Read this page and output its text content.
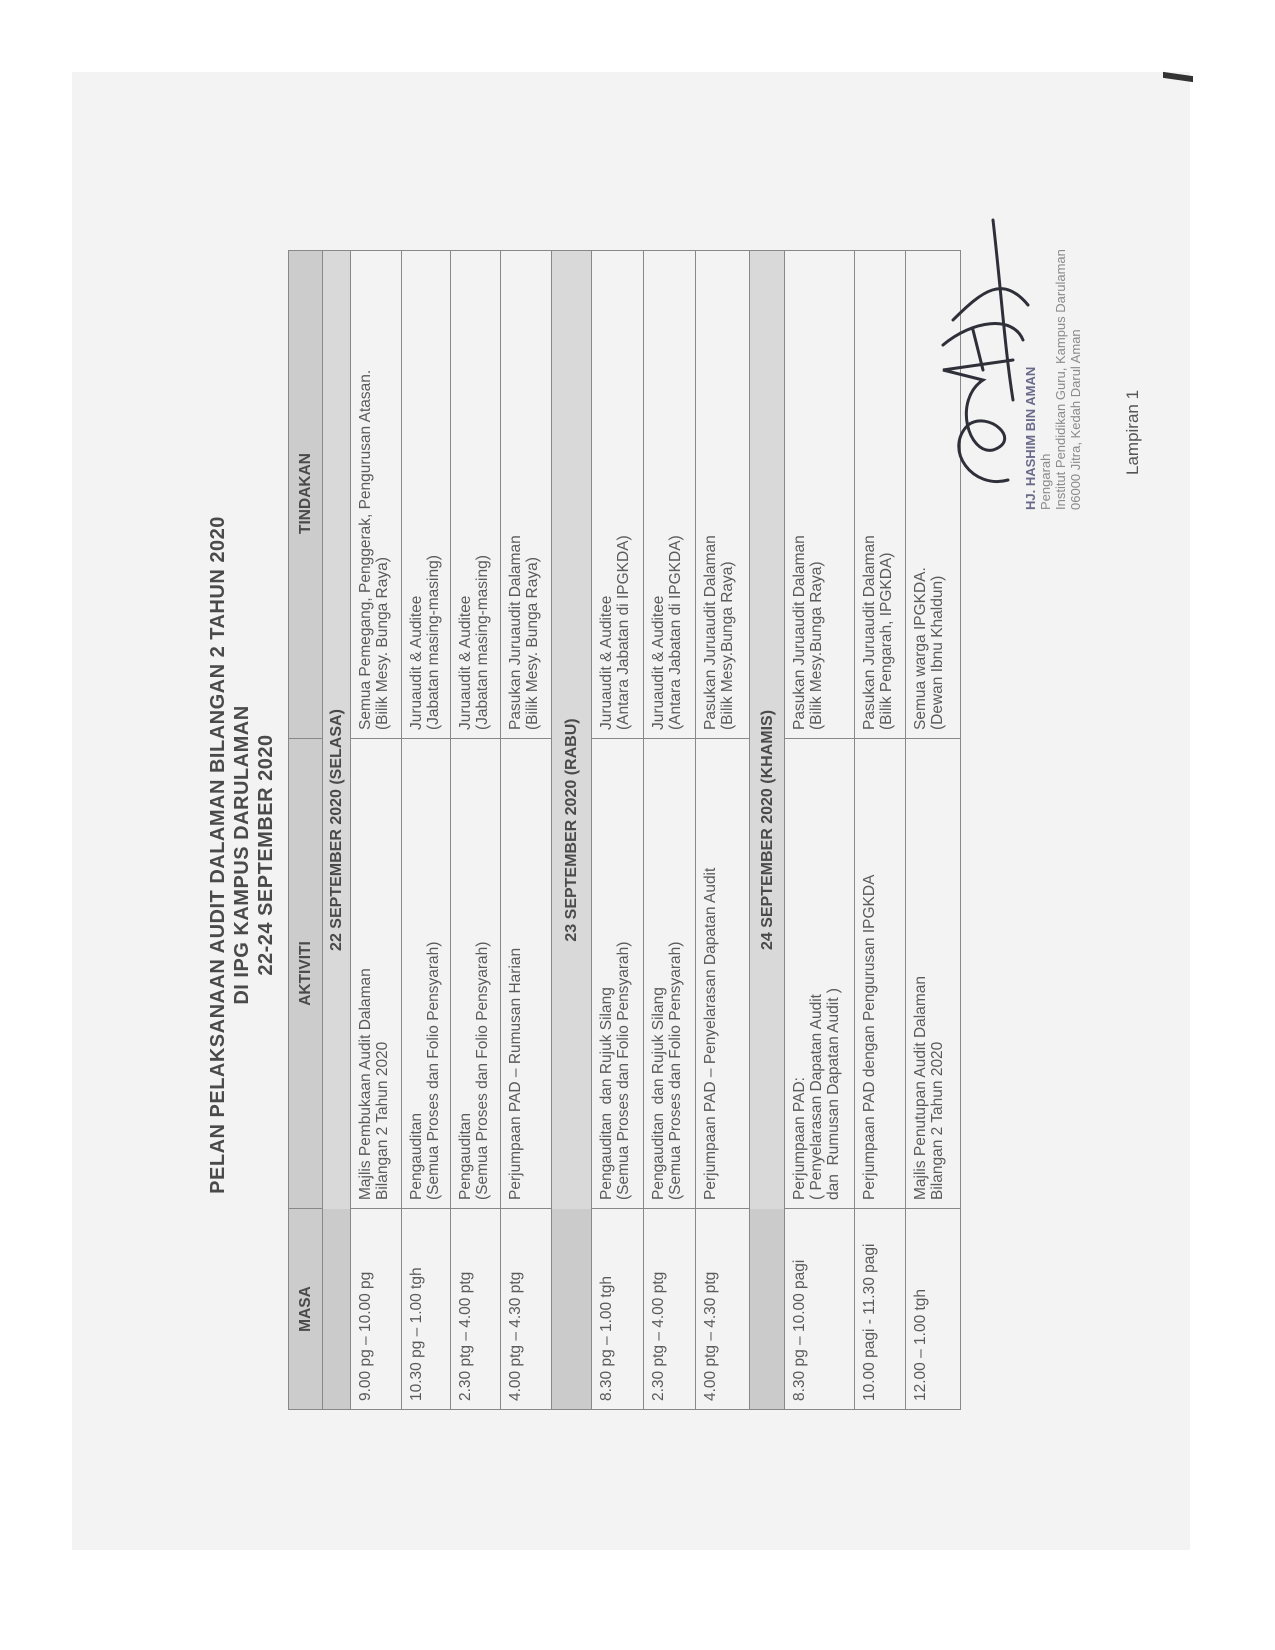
Lampiran 1
PELAN PELAKSANAAN AUDIT DALAMAN BILANGAN 2 TAHUN 2020 DI IPG KAMPUS DARULAMAN 22-24 SEPTEMBER 2020
MASA
AKTIVITI
TINDAKAN
22 SEPTEMBER 2020 (SELASA)
9.00 pg – 10.00 pg
Majlis Pembukaan Audit Dalaman Bilangan 2 Tahun 2020
Semua Pemegang, Penggerak, Pengurusan Atasan. (Bilik Mesy. Bunga Raya)
10.30 pg – 1.00 tgh
Pengauditan (Semua Proses dan Folio Pensyarah)
Juruaudit & Auditee (Jabatan masing-masing)
2.30 ptg – 4.00 ptg
Pengauditan (Semua Proses dan Folio Pensyarah)
Juruaudit & Auditee (Jabatan masing-masing)
4.00 ptg – 4.30 ptg
Perjumpaan PAD – Rumusan Harian
Pasukan Juruaudit Dalaman (Bilik Mesy. Bunga Raya)
23 SEPTEMBER 2020 (RABU)
8.30 pg – 1.00 tgh
Pengauditan  dan Rujuk Silang (Semua Proses dan Folio Pensyarah)
Juruaudit & Auditee (Antara Jabatan di IPGKDA)
2.30 ptg – 4.00 ptg
Pengauditan  dan Rujuk Silang (Semua Proses dan Folio Pensyarah)
Juruaudit & Auditee (Antara Jabatan di IPGKDA)
4.00 ptg – 4.30 ptg
Perjumpaan PAD – Penyelarasan Dapatan Audit
Pasukan Juruaudit Dalaman (Bilik Mesy.Bunga Raya)
24 SEPTEMBER 2020 (KHAMIS)
8.30 pg – 10.00 pagi
Perjumpaan PAD: ( Penyelarasan Dapatan Audit dan  Rumusan Dapatan Audit )
Pasukan Juruaudit Dalaman (Bilik Mesy.Bunga Raya)
10.00 pagi - 11.30 pagi
Perjumpaan PAD dengan Pengurusan IPGKDA
Pasukan Juruaudit Dalaman (Bilik Pengarah, IPGKDA)
12.00 – 1.00 tgh
Majlis Penutupan Audit Dalaman Bilangan 2 Tahun 2020
Semua warga IPGKDA. (Dewan Ibnu Khaldun)
HJ. HASHIM BIN AMAN Pengarah Institut Pendidikan Guru, Kampus Darulaman 06000 Jitra, Kedah Darul Aman
